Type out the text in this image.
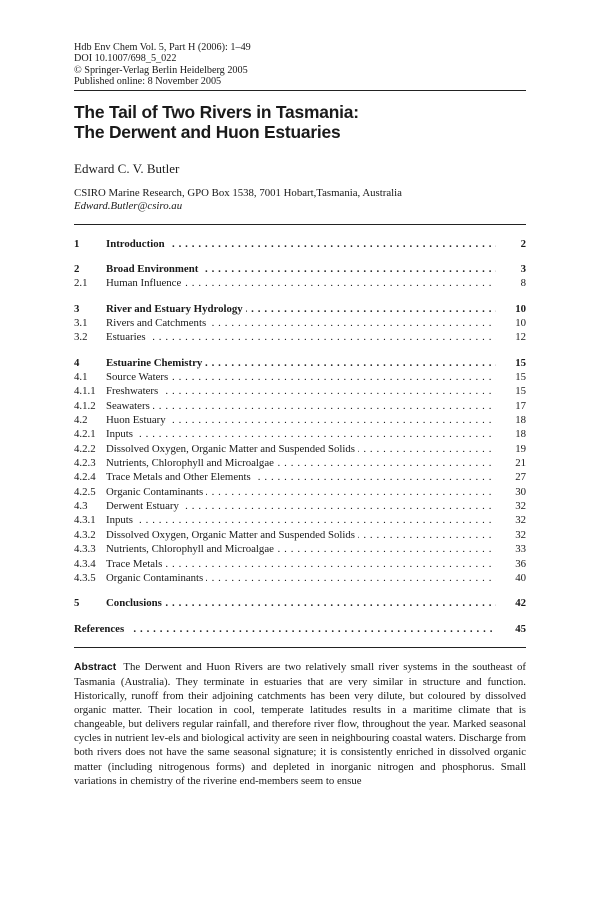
Hdb Env Chem Vol. 5, Part H (2006): 1–49
DOI 10.1007/698_5_022
© Springer-Verlag Berlin Heidelberg 2005
Published online: 8 November 2005
The Tail of Two Rivers in Tasmania:
The Derwent and Huon Estuaries
Edward C. V. Butler
CSIRO Marine Research, GPO Box 1538, 7001 Hobart,Tasmania, Australia
Edward.Butler@csiro.au
1	Introduction . . .	2
2	Broad Environment . . .	3
2.1	Human Influence . . .	8
3	River and Estuary Hydrology . . .	10
3.1	Rivers and Catchments . . .	10
3.2	Estuaries . . .	12
4	Estuarine Chemistry . . .	15
4.1	Source Waters . . .	15
4.1.1 Freshwaters . . .	15
4.1.2 Seawaters . . .	17
4.2	Huon Estuary . . .	18
4.2.1 Inputs . . .	18
4.2.2 Dissolved Oxygen, Organic Matter and Suspended Solids . . .	19
4.2.3 Nutrients, Chlorophyll and Microalgae . . .	21
4.2.4 Trace Metals and Other Elements . . .	27
4.2.5 Organic Contaminants . . .	30
4.3	Derwent Estuary . . .	32
4.3.1 Inputs . . .	32
4.3.2 Dissolved Oxygen, Organic Matter and Suspended Solids . . .	32
4.3.3 Nutrients, Chlorophyll and Microalgae . . .	33
4.3.4 Trace Metals . . .	36
4.3.5 Organic Contaminants . . .	40
5	Conclusions . . .	42
References . . .	45
Abstract The Derwent and Huon Rivers are two relatively small river systems in the southeast of Tasmania (Australia). They terminate in estuaries that are very similar in structure and function. Historically, runoff from their adjoining catchments has been very dilute, but coloured by dissolved organic matter. Their location in cool, temperate latitudes results in a maritime climate that is changeable, but delivers regular rainfall, and therefore river flow, throughout the year. Marked seasonal cycles in nutrient lev-els and biological activity are seen in neighbouring coastal waters. Discharge from both rivers does not have the same seasonal signature; it is consistently enriched in dissolved organic matter (including nitrogenous forms) and depleted in inorganic nitrogen and phosphorus. Small variations in chemistry of the riverine end-members seem to ensue
